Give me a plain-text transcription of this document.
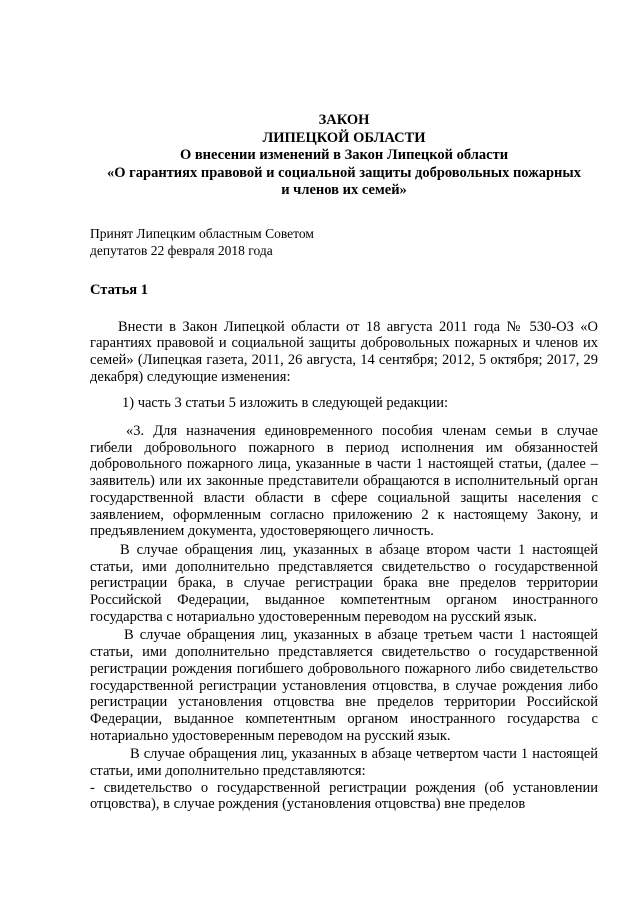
ЗАКОН
ЛИПЕЦКОЙ ОБЛАСТИ
О внесении изменений в Закон Липецкой области
«О гарантиях правовой и социальной защиты добровольных пожарных
и членов их семей»
Принят Липецким областным Советом
депутатов 22 февраля 2018 года
Статья 1

Внести в Закон Липецкой области от 18 августа 2011 года № 530-ОЗ «О гарантиях правовой и социальной защиты добровольных пожарных и членов их семей» (Липецкая газета, 2011, 26 августа, 14 сентября; 2012, 5 октября; 2017, 29 декабря) следующие изменения:

1) часть 3 статьи 5 изложить в следующей редакции:

«3. Для назначения единовременного пособия членам семьи в случае гибели добровольного пожарного в период исполнения им обязанностей добровольного пожарного лица, указанные в части 1 настоящей статьи, (далее – заявитель) или их законные представители обращаются в исполнительный орган государственной власти области в сфере социальной защиты населения с заявлением, оформленным согласно приложению 2 к настоящему Закону, и предъявлением документа, удостоверяющего личность.

В случае обращения лиц, указанных в абзаце втором части 1 настоящей статьи, ими дополнительно представляется свидетельство о государственной регистрации брака, в случае регистрации брака вне пределов территории Российской Федерации, выданное компетентным органом иностранного государства с нотариально удостоверенным переводом на русский язык.

В случае обращения лиц, указанных в абзаце третьем части 1 настоящей статьи, ими дополнительно представляется свидетельство о государственной регистрации рождения погибшего добровольного пожарного либо свидетельство государственной регистрации установления отцовства, в случае рождения либо регистрации установления отцовства вне пределов территории Российской Федерации, выданное компетентным органом иностранного государства с нотариально удостоверенным переводом на русский язык.

В случае обращения лиц, указанных в абзаце четвертом части 1 настоящей статьи, ими дополнительно представляются:

- свидетельство о государственной регистрации рождения (об установлении отцовства), в случае рождения (установления отцовства) вне пределов
